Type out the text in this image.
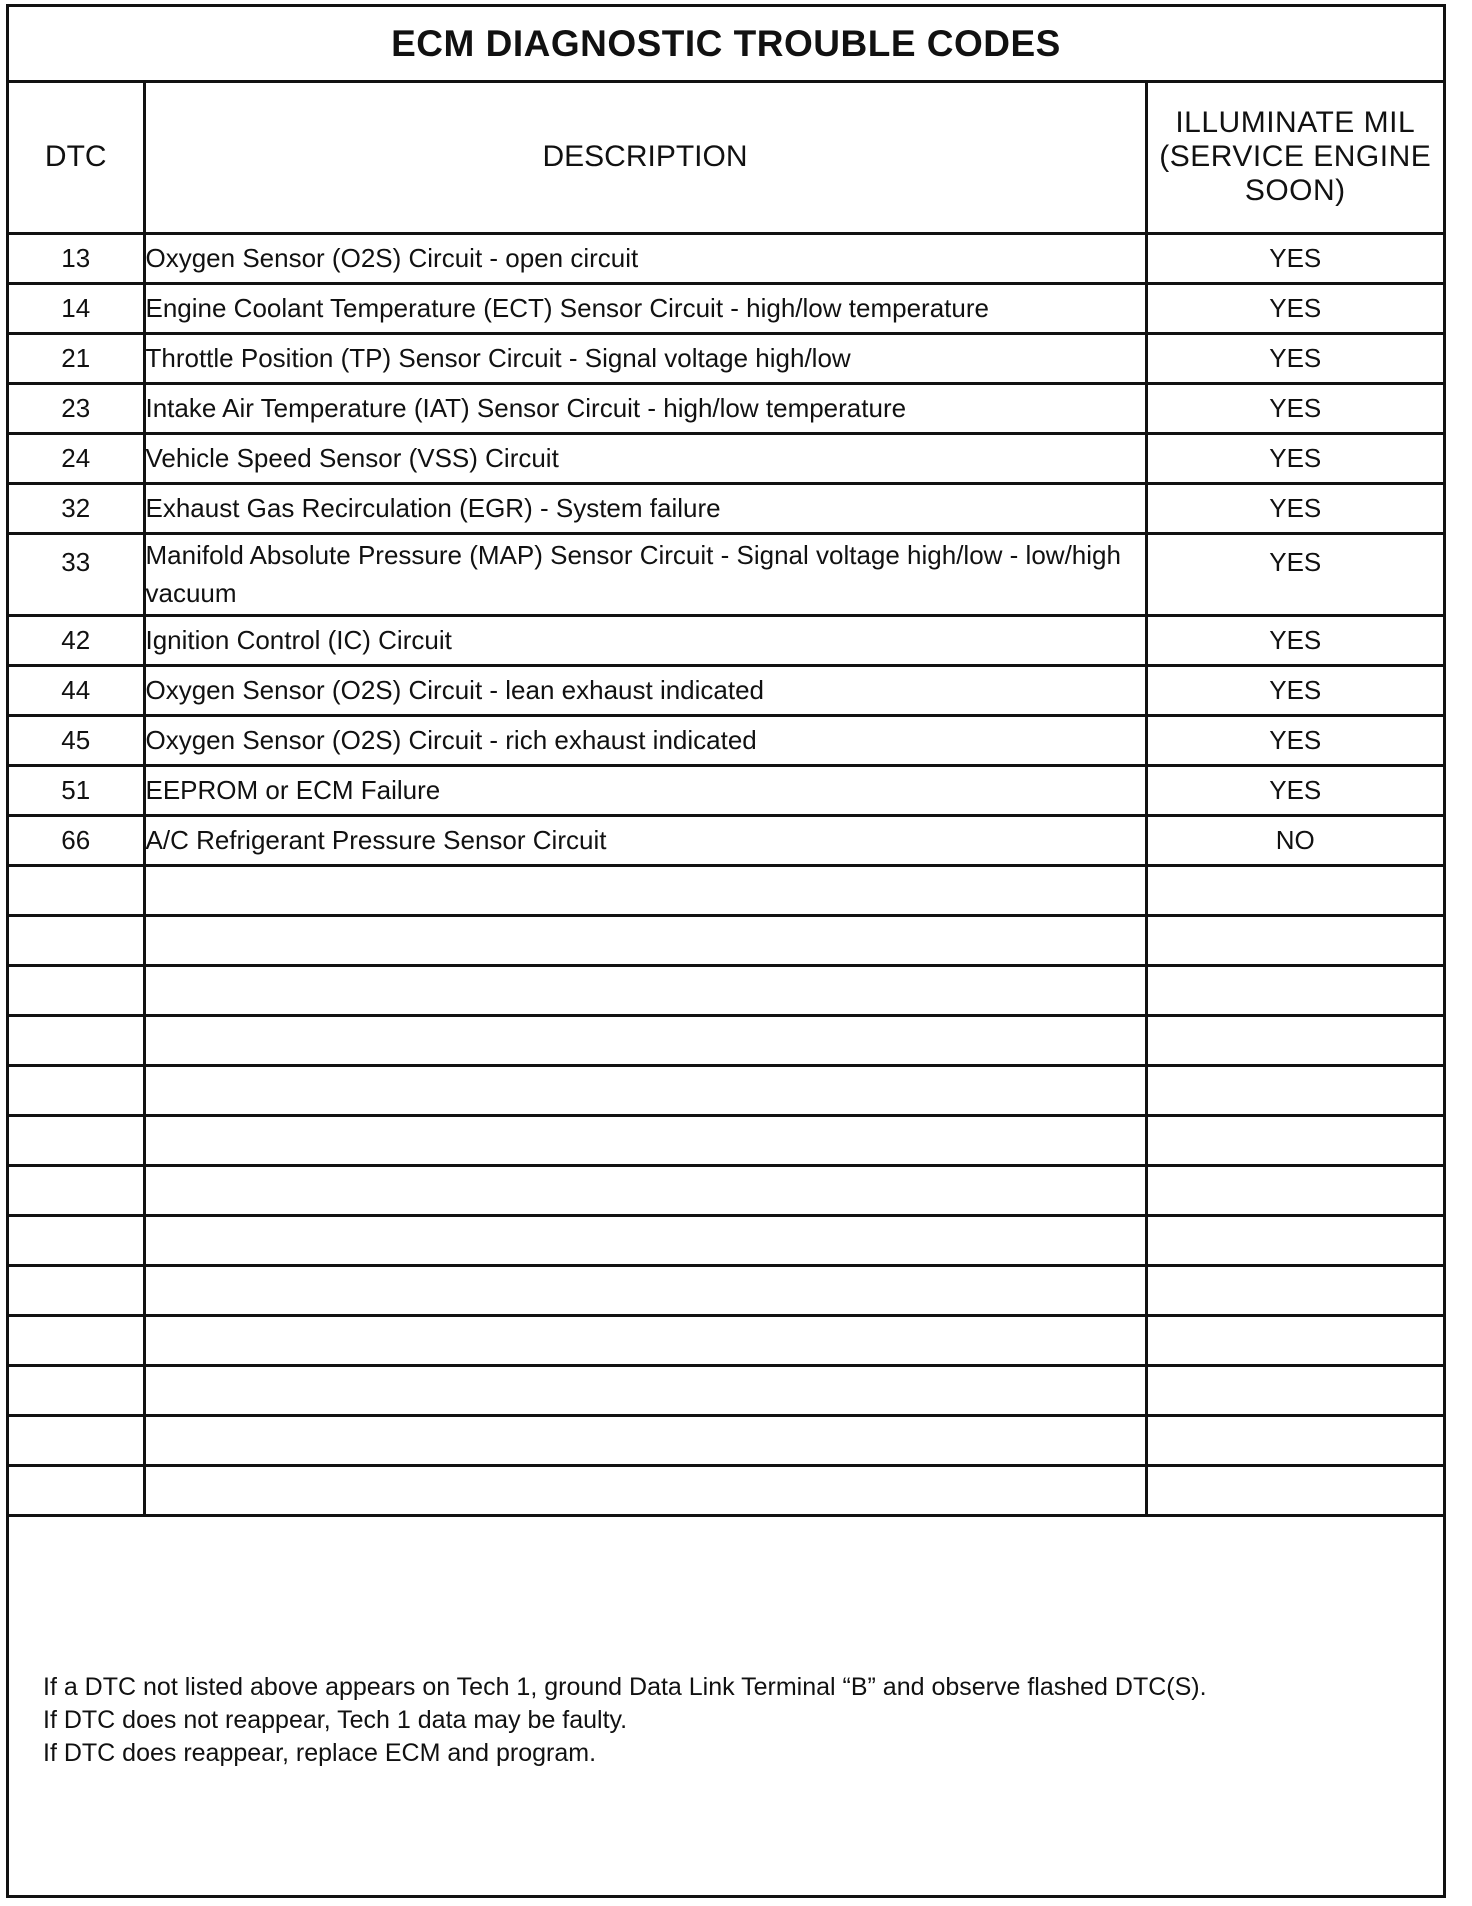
ECM DIAGNOSTIC TROUBLE CODES
DTC	DESCRIPTION	ILLUMINATE MIL
(SERVICE ENGINE
SOON)

13	Oxygen Sensor (O2S) Circuit - open circuit	YES
14	Engine Coolant Temperature (ECT) Sensor Circuit - high/low temperature	YES
21	Throttle Position (TP) Sensor Circuit - Signal voltage high/low	YES
23	Intake Air Temperature (IAT) Sensor Circuit - high/low temperature	YES
24	Vehicle Speed Sensor (VSS) Circuit	YES
32	Exhaust Gas Recirculation (EGR) - System failure	YES
33	Manifold Absolute Pressure (MAP) Sensor Circuit - Signal voltage high/low - low/high vacuum	YES
42	Ignition Control (IC) Circuit	YES
44	Oxygen Sensor (O2S) Circuit - lean exhaust indicated	YES
45	Oxygen Sensor (O2S) Circuit - rich exhaust indicated	YES
51	EEPROM or ECM Failure	YES
66	A/C Refrigerant Pressure Sensor Circuit	NO

If a DTC not listed above appears on Tech 1, ground Data Link Terminal “B” and observe flashed DTC(S).
If DTC does not reappear, Tech 1 data may be faulty.
If DTC does reappear, replace ECM and program.
